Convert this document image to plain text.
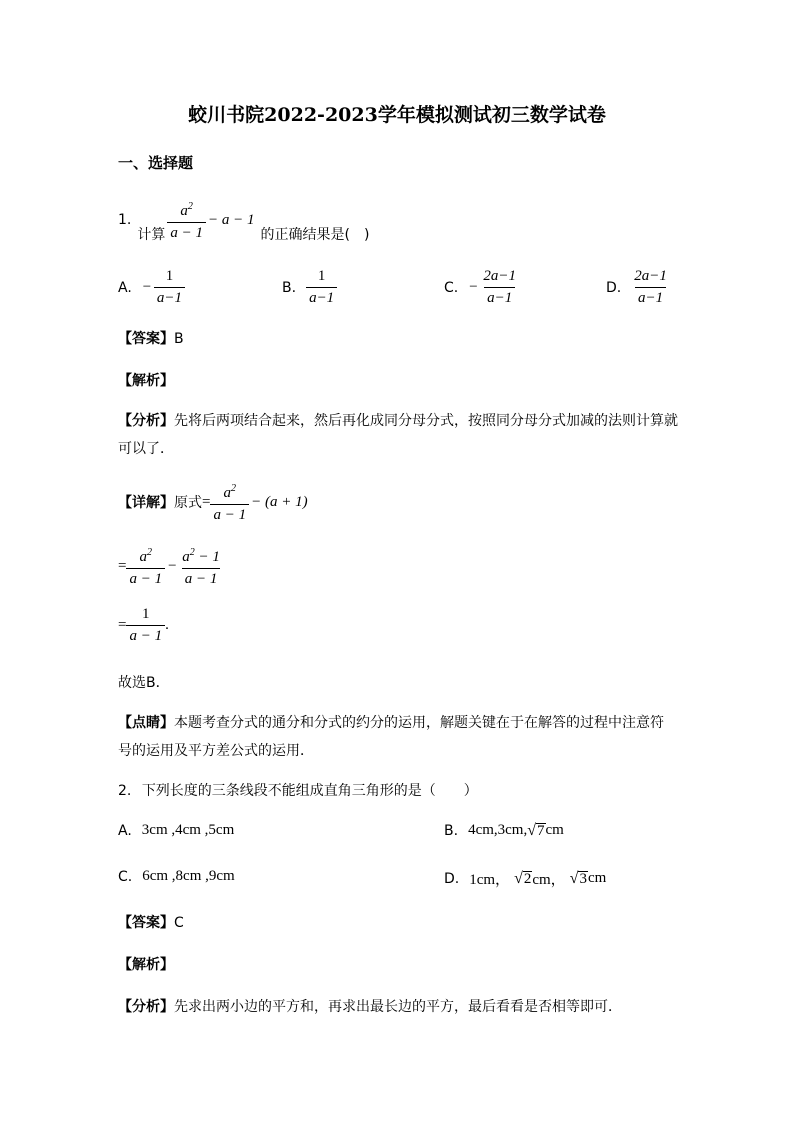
蛟川书院2022-2023学年模拟测试初三数学试卷
一、选择题
1.
计算 $\frac{a^2}{a - 1} - a - 1$
的正确结果是(　)
A. − $\frac{1}{a-1}$	B. $\frac{1}{a-1}$	C. − $\frac{2a-1}{a-1}$	D. $\frac{2a-1}{a-1}$
【答案】B
【解析】
【分析】先将后两项结合起来，然后再化成同分母分式，按照同分母分式加减的法则计算就
可以了．
【详解】 原式 = $\frac{a^2}{a - 1} - (a + 1)$
= $\frac{a^2}{a - 1} - \frac{a^2 - 1}{a - 1}$
= $\frac{1}{a - 1}$ .
故选B．
【点睛】本题考查分式的通分和分式的约分的运用，解题关键在于在解答的过程中注意符
号的运用及平方差公式的运用．
2. 下列长度的三条线段不能组成直角三角形的是（　　）
A. 3cm ,4cm ,5cm	B. 4cm,3cm, √ 7 cm
C. 6cm ,8cm ,9cm	D. 1cm， √ 2 cm， √ 3 cm
【答案】C
【解析】
【分析】先求出两小边的平方和，再求出最长边的平方，最后看看是否相等即可．
